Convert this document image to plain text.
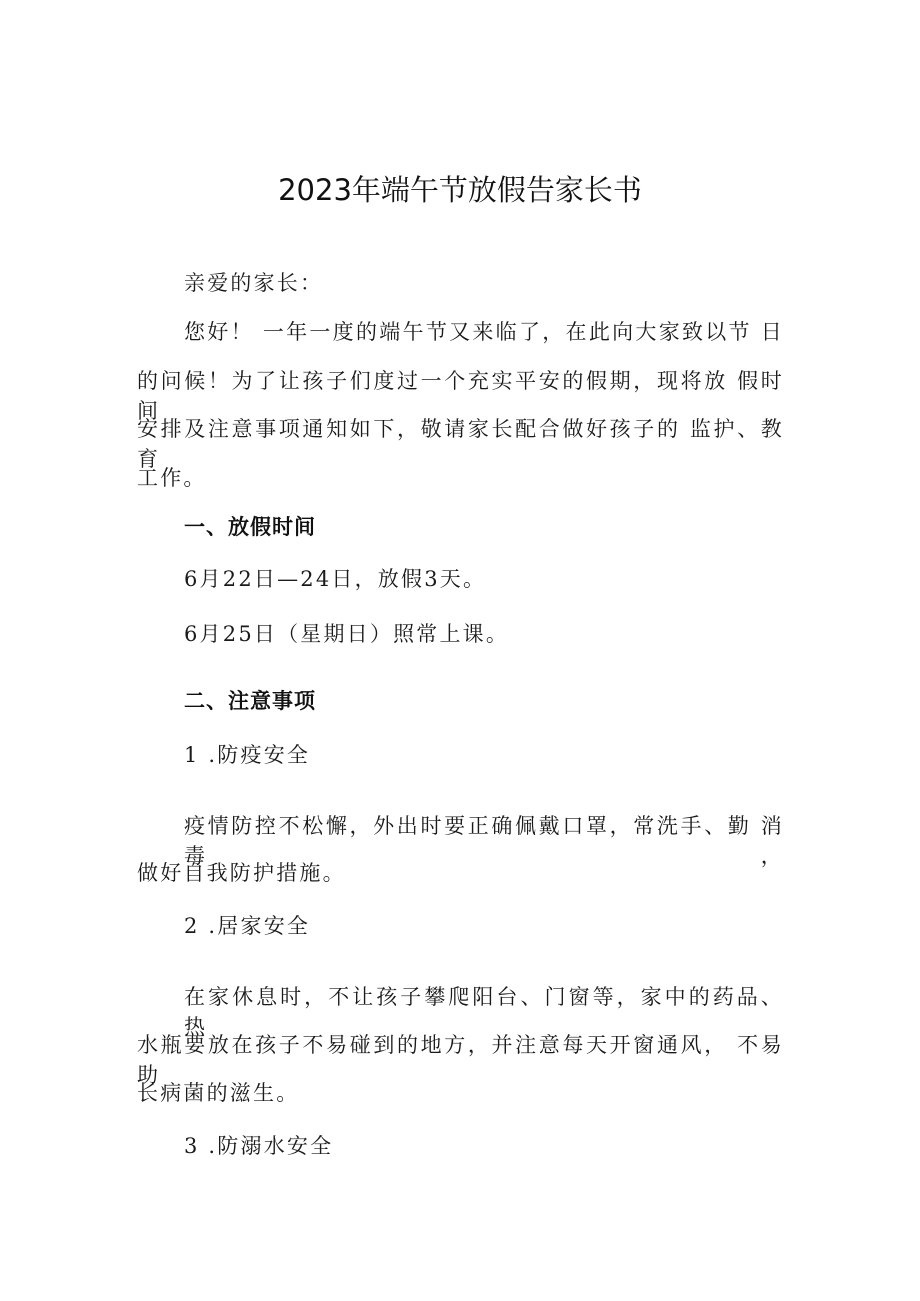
2023年端午节放假告家长书
亲爱的家长：
您好！ 一年一度的端午节又来临了，在此向大家致以节 日
的问候！为了让孩子们度过一个充实平安的假期，现将放 假时间
安排及注意事项通知如下，敬请家长配合做好孩子的 监护、教育
工作。
一、放假时间
6月22日—24日，放假3天。
6月25日（星期日）照常上课。
二、注意事项
1 .防疫安全
疫情防控不松懈，外出时要正确佩戴口罩，常洗手、勤 消毒，
做好自我防护措施。
2 .居家安全
在家休息时，不让孩子攀爬阳台、门窗等，家中的药品、 热
水瓶要放在孩子不易碰到的地方，并注意每天开窗通风， 不易助
长病菌的滋生。
3 .防溺水安全
